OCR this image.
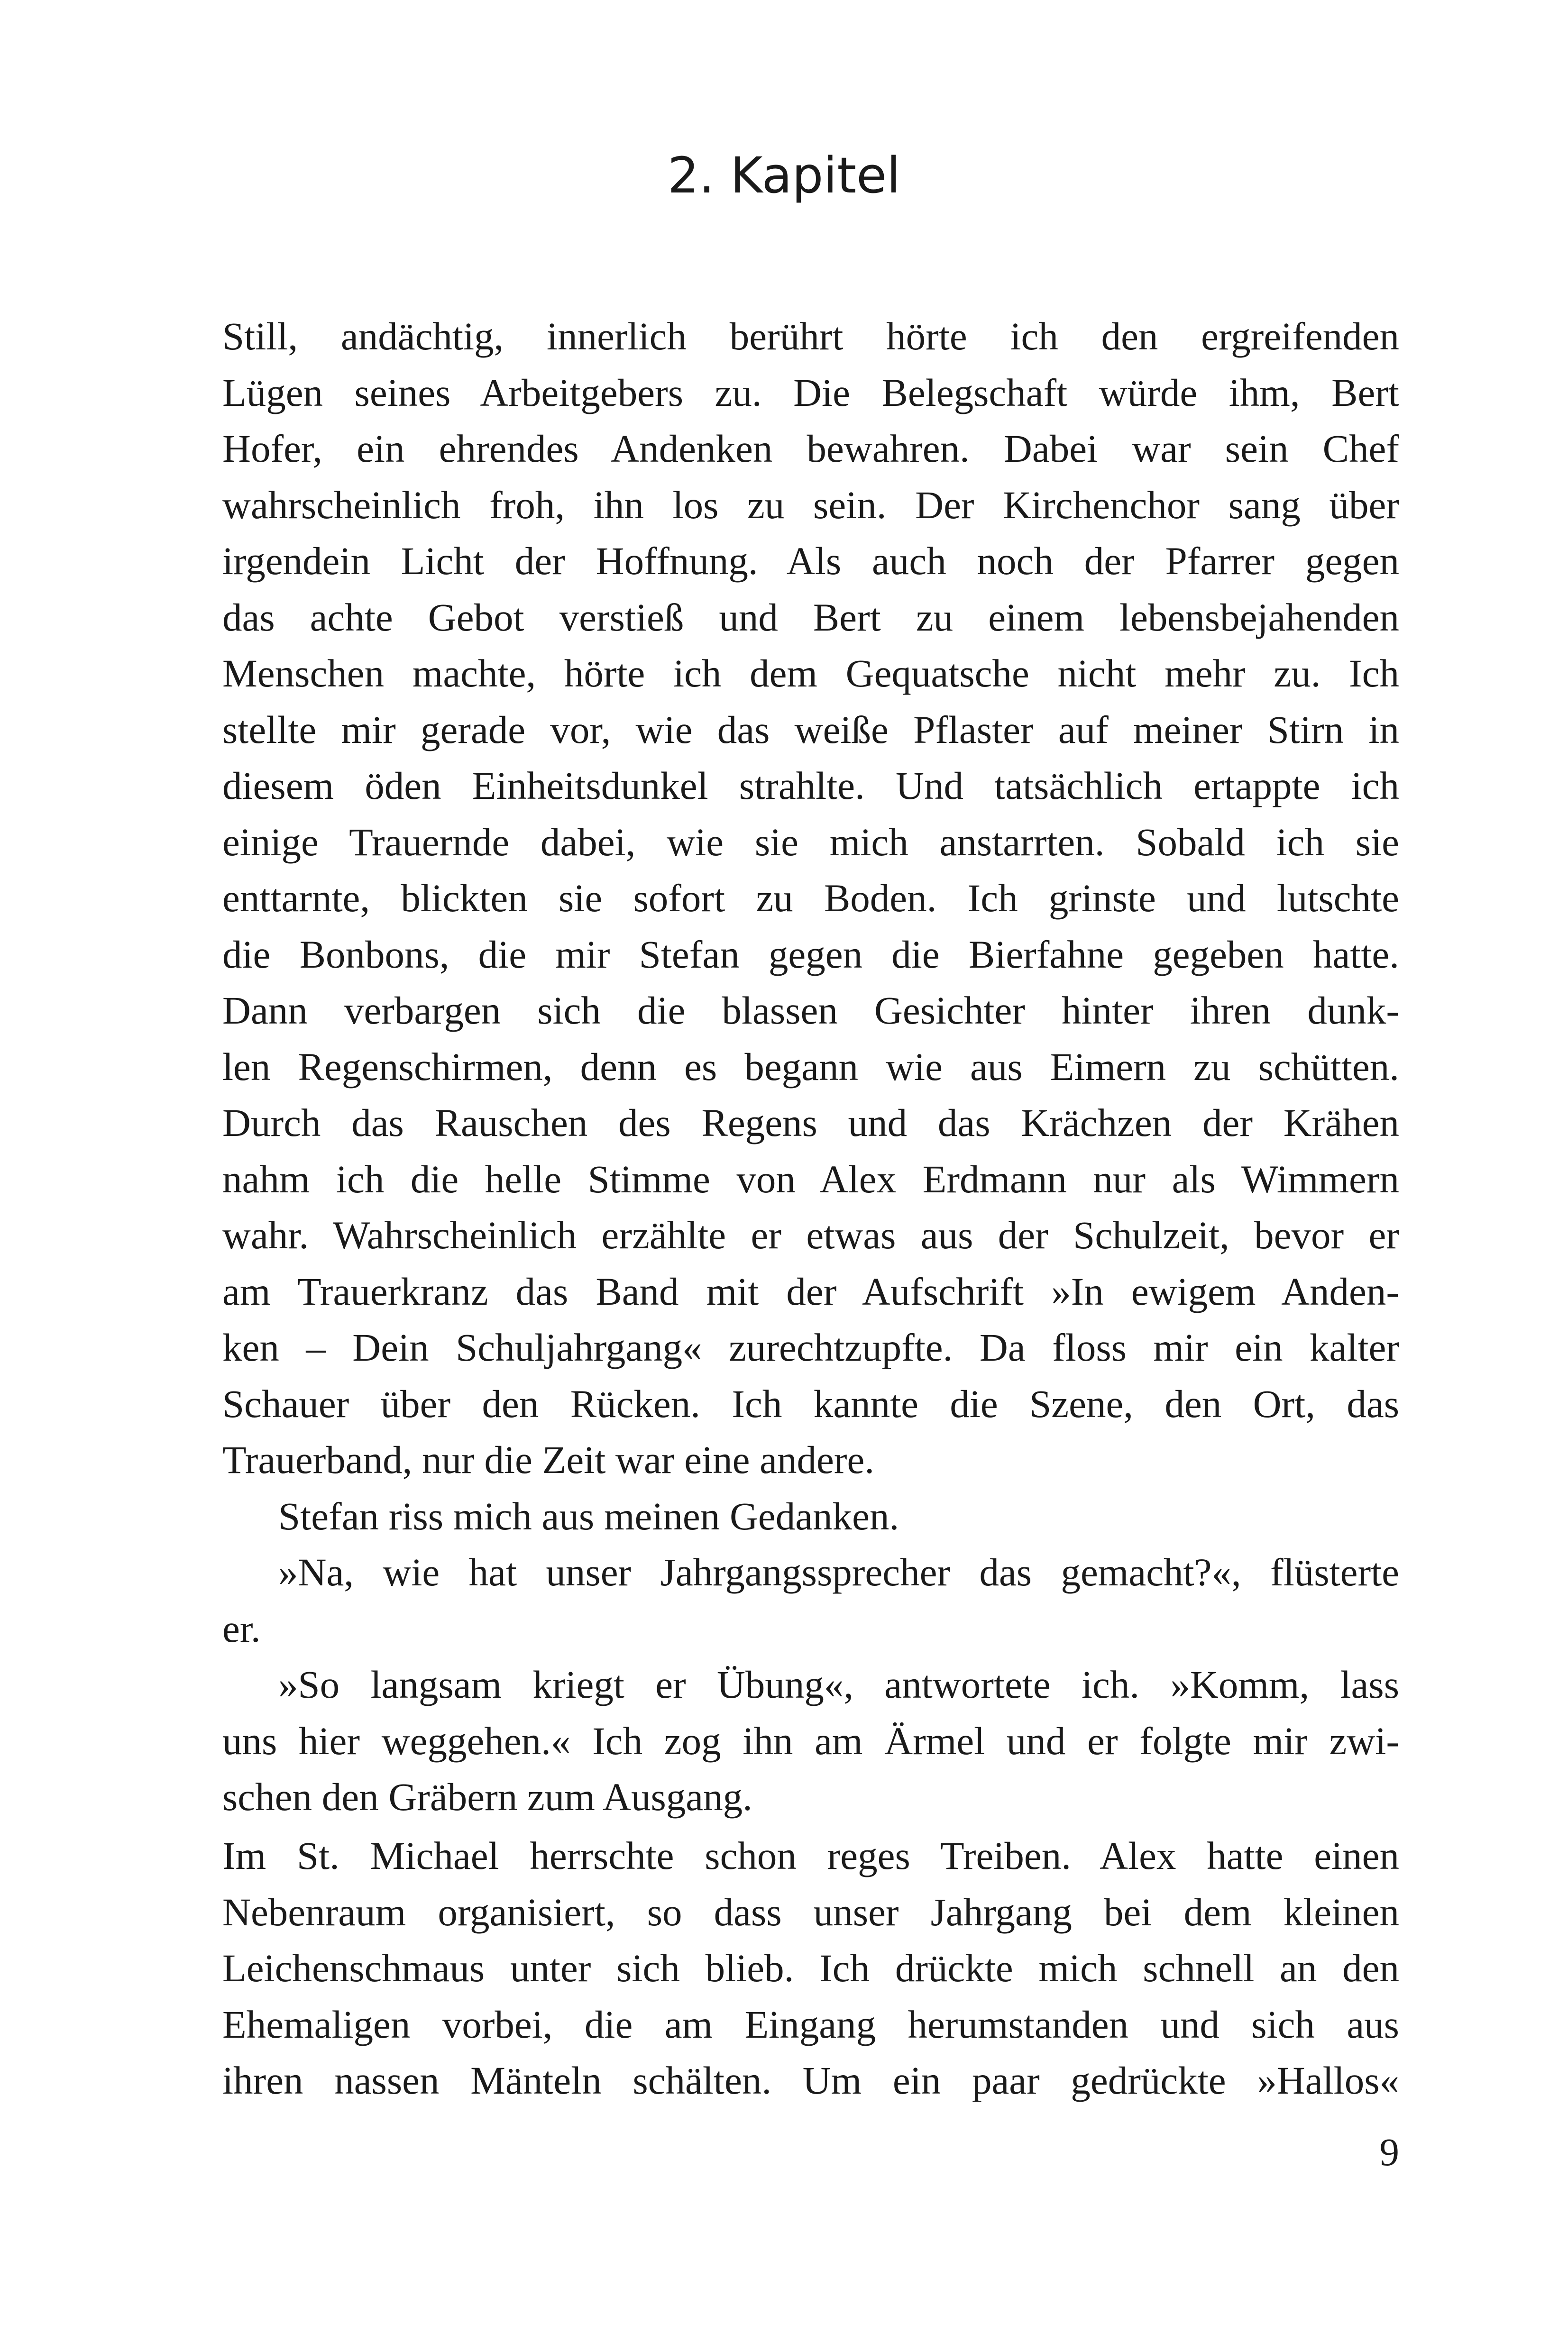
2. Kapitel
Still, andächtig, innerlich berührt hörte ich den ergreifenden
Lügen seines Arbeitgebers zu. Die Belegschaft würde ihm, Bert
Hofer, ein ehrendes Andenken bewahren. Dabei war sein Chef
wahrscheinlich froh, ihn los zu sein. Der Kirchenchor sang über
irgendein Licht der Hoffnung. Als auch noch der Pfarrer gegen
das achte Gebot verstieß und Bert zu einem lebensbejahenden
Menschen machte, hörte ich dem Gequatsche nicht mehr zu. Ich
stellte mir gerade vor, wie das weiße Pflaster auf meiner Stirn in
diesem öden Einheitsdunkel strahlte. Und tatsächlich ertappte ich
einige Trauernde dabei, wie sie mich anstarrten. Sobald ich sie
enttarnte, blickten sie sofort zu Boden. Ich grinste und lutschte
die Bonbons, die mir Stefan gegen die Bierfahne gegeben hatte.
Dann verbargen sich die blassen Gesichter hinter ihren dunk-
len Regenschirmen, denn es begann wie aus Eimern zu schütten.
Durch das Rauschen des Regens und das Krächzen der Krähen
nahm ich die helle Stimme von Alex Erdmann nur als Wimmern
wahr. Wahrscheinlich erzählte er etwas aus der Schulzeit, bevor er
am Trauerkranz das Band mit der Aufschrift »In ewigem Anden-
ken – Dein Schuljahrgang« zurechtzupfte. Da floss mir ein kalter
Schauer über den Rücken. Ich kannte die Szene, den Ort, das
Trauerband, nur die Zeit war eine andere.
Stefan riss mich aus meinen Gedanken.
»Na, wie hat unser Jahrgangssprecher das gemacht?«, flüsterte
er.
»So langsam kriegt er Übung«, antwortete ich. »Komm, lass
uns hier weggehen.« Ich zog ihn am Ärmel und er folgte mir zwi-
schen den Gräbern zum Ausgang.
Im St. Michael herrschte schon reges Treiben. Alex hatte einen
Nebenraum organisiert, so dass unser Jahrgang bei dem kleinen
Leichenschmaus unter sich blieb. Ich drückte mich schnell an den
Ehemaligen vorbei, die am Eingang herumstanden und sich aus
ihren nassen Mänteln schälten. Um ein paar gedrückte »Hallos«
9
